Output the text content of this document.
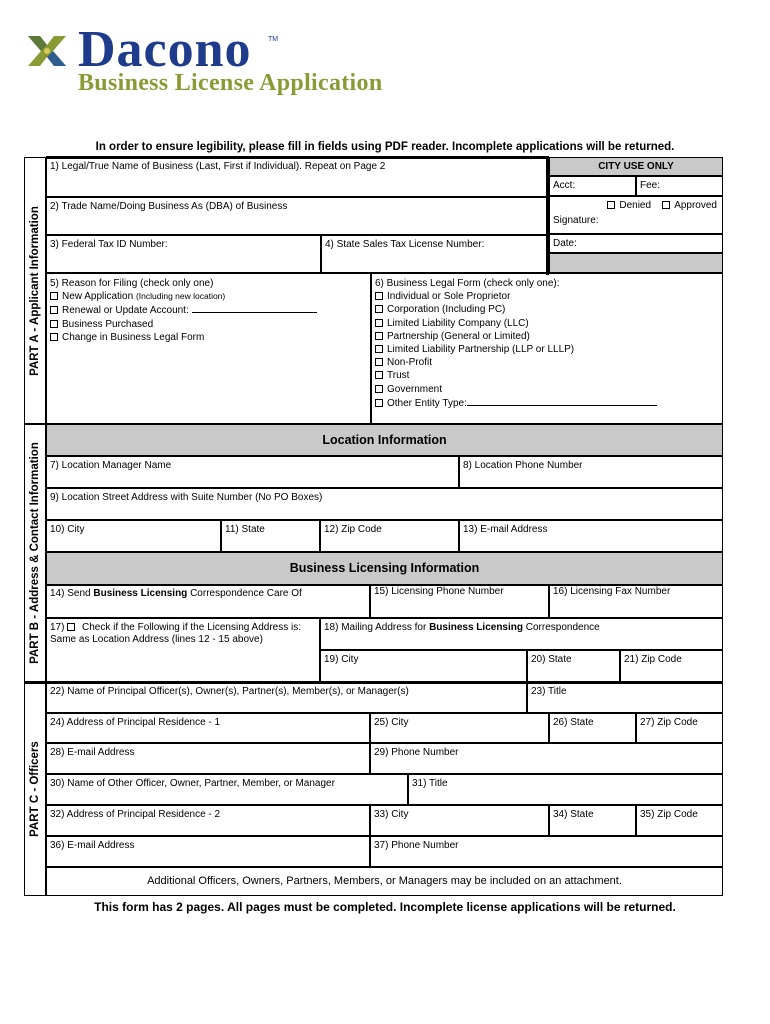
Dacono TM
Business License Application
In order to ensure legibility, please fill in fields using PDF reader. Incomplete applications will be returned.
PART A - Applicant Information
PART B - Address & Contact Information
PART C - Officers
1) Legal/True Name of Business (Last, First if Individual). Repeat on Page 2
2) Trade Name/Doing Business As (DBA) of Business
3) Federal Tax ID Number:	4) State Sales Tax License Number:
CITY USE ONLY
Acct:	Fee:
Denied Approved
Signature:
Date:
5) Reason for Filing (check only one)
New Application (Including new location)
Renewal or Update Account:
Business Purchased
Change in Business Legal Form
6) Business Legal Form (check only one):
Individual or Sole Proprietor
Corporation (Including PC)
Limited Liability Company (LLC)
Partnership (General or Limited)
Limited Liability Partnership (LLP or LLLP)
Non-Profit
Trust
Government
Other Entity Type:
Location Information
7) Location Manager Name	8) Location Phone Number
9) Location Street Address with Suite Number (No PO Boxes)
10) City	11) State	12) Zip Code	13) E-mail Address
Business Licensing Information
14) Send Business Licensing Correspondence Care Of	15) Licensing Phone Number	16) Licensing Fax Number
17) Check if the Following if the Licensing Address is:
Same as Location Address (lines 12 - 15 above)
18) Mailing Address for Business Licensing Correspondence
19) City	20) State	21) Zip Code
22) Name of Principal Officer(s), Owner(s), Partner(s), Member(s), or Manager(s)	23) Title
24) Address of Principal Residence - 1	25) City	26) State	27) Zip Code
28) E-mail Address	29) Phone Number
30) Name of Other Officer, Owner, Partner, Member, or Manager	31) Title
32) Address of Principal Residence - 2	33) City	34) State	35) Zip Code
36) E-mail Address	37) Phone Number
Additional Officers, Owners, Partners, Members, or Managers may be included on an attachment.
This form has 2 pages. All pages must be completed. Incomplete license applications will be returned.
